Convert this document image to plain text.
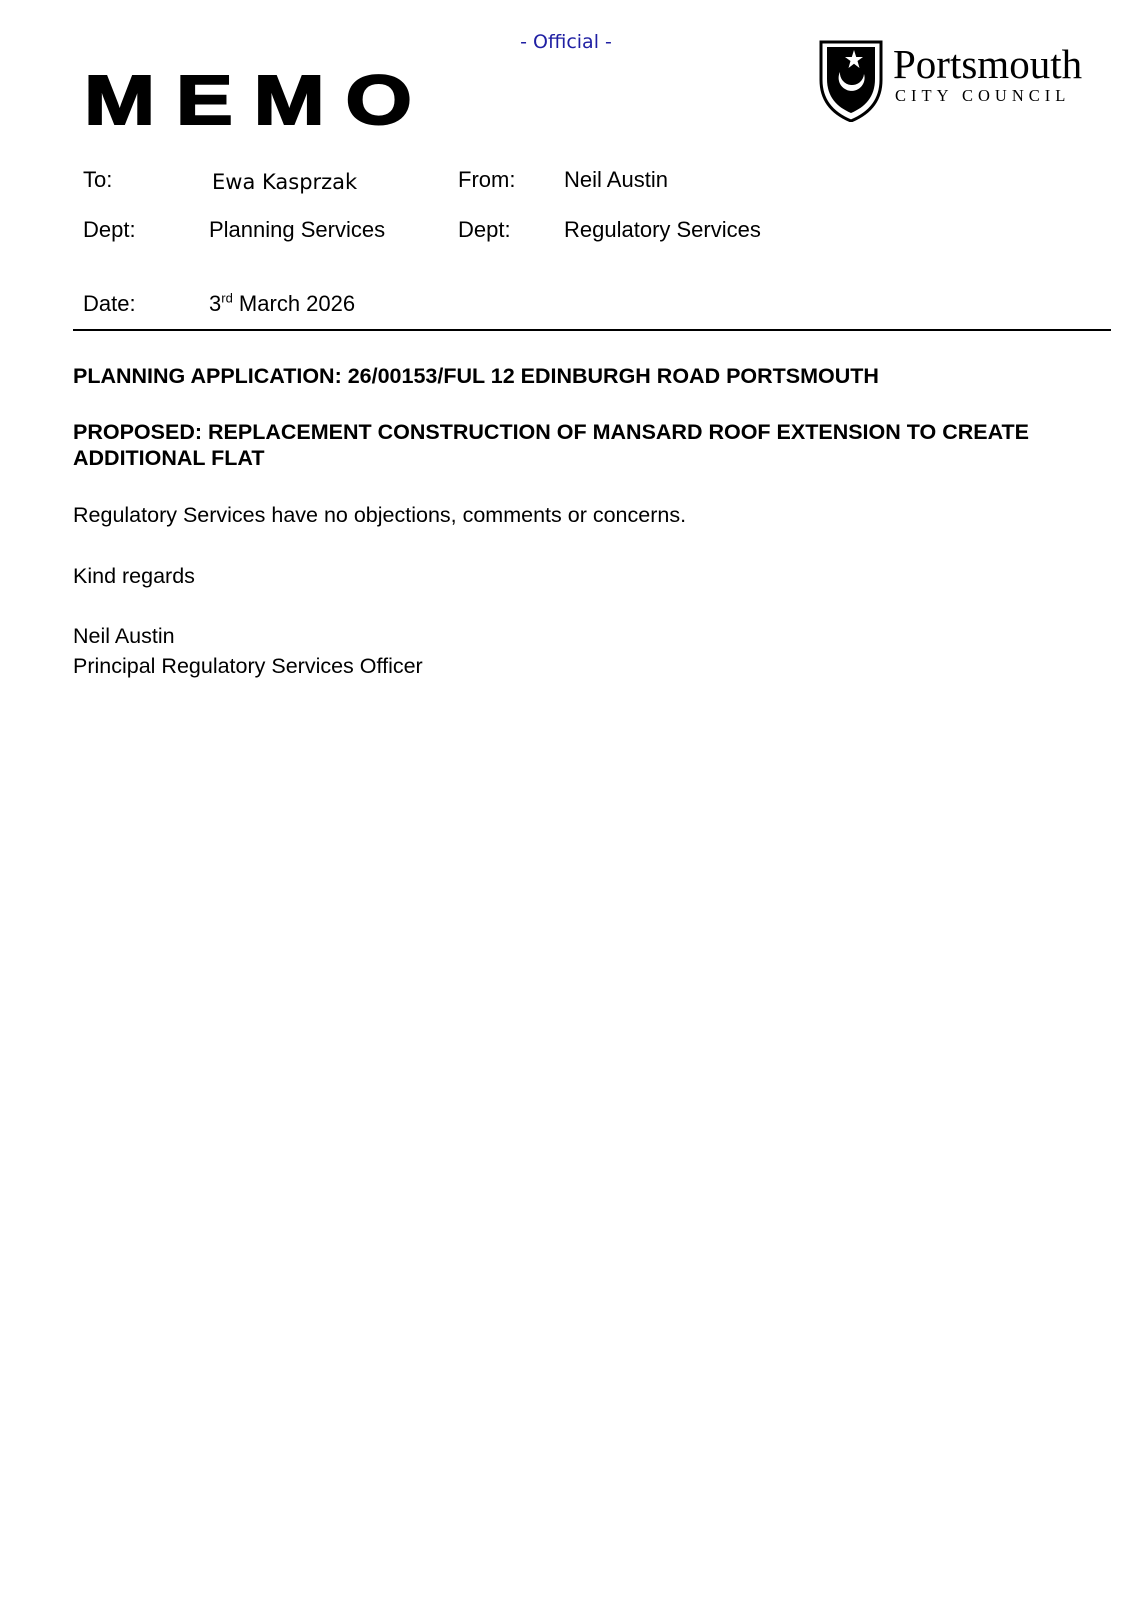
- Official -
MEMO	Portsmouth
CITY COUNCIL
To:	Ewa Kasprzak	From: Neil Austin
Dept:	Planning Services	Dept: Regulatory Services
Date:	3rd March 2026
PLANNING APPLICATION: 26/00153/FUL 12 EDINBURGH ROAD PORTSMOUTH
PROPOSED: REPLACEMENT CONSTRUCTION OF MANSARD ROOF EXTENSION TO CREATE ADDITIONAL FLAT
Regulatory Services have no objections, comments or concerns.
Kind regards
Neil Austin
Principal Regulatory Services Officer
